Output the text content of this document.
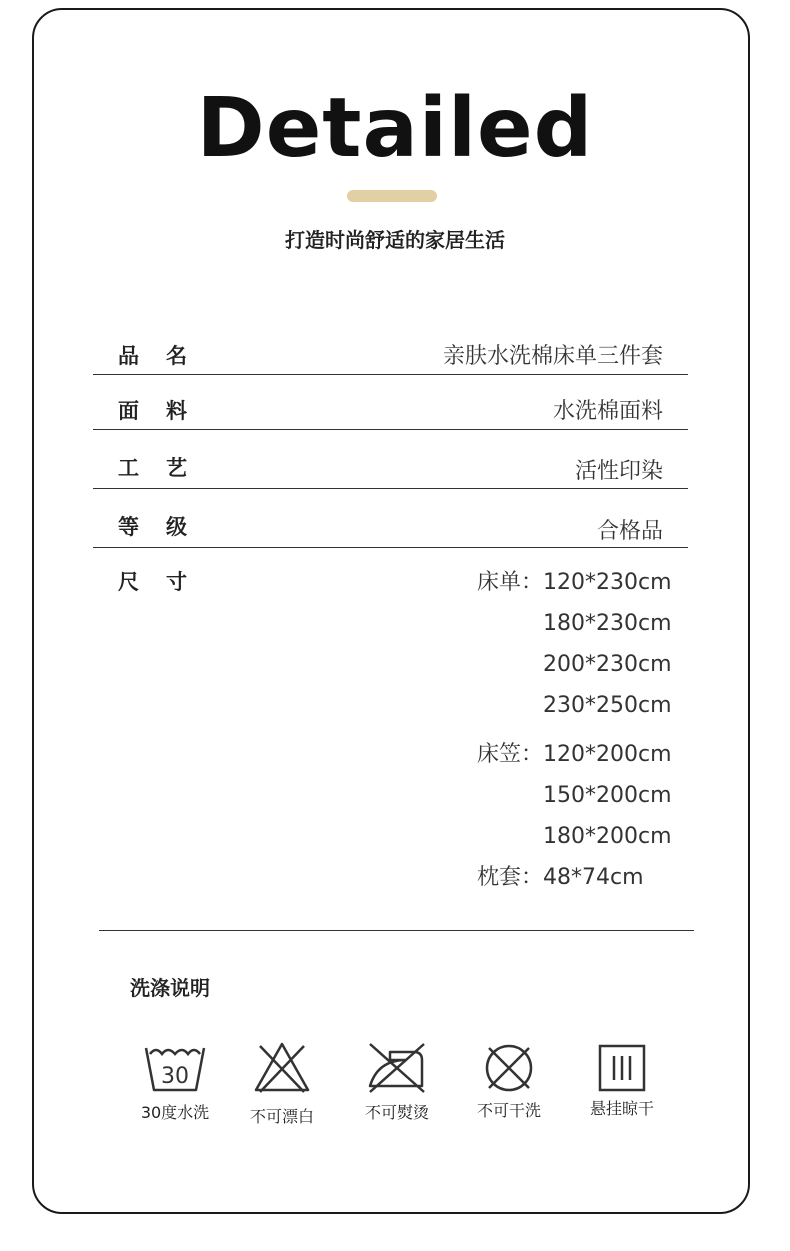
Detailed
打造时尚舒适的家居生活
品 名	亲肤水洗棉床单三件套
面 料	水洗棉面料
工 艺	活性印染
等 级	合格品
尺 寸	床单： 120*230cm
180*230cm
200*230cm
230*250cm
床笠： 120*200cm
150*200cm
180*200cm
枕套： 48*74cm
洗涤说明
30
30度水洗	不可漂白	不可熨烫	不可干洗	悬挂晾干
